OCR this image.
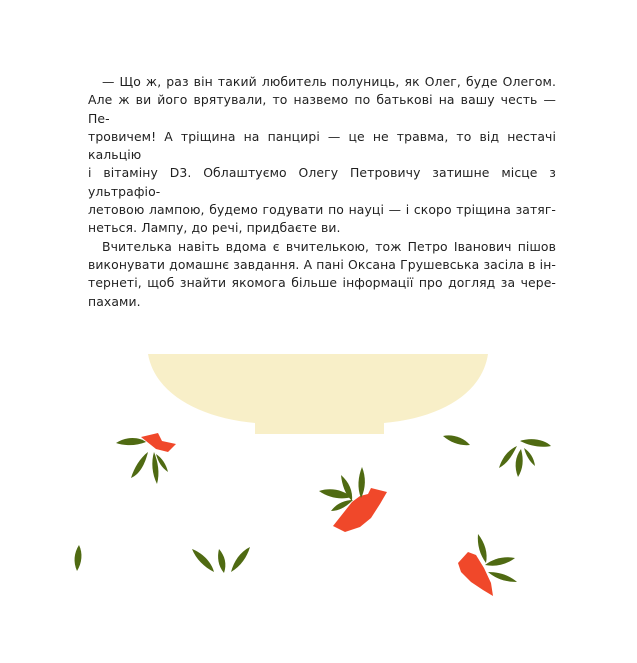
— Що ж, раз він такий любитель полуниць, як Олег, буде Олегом.
Але ж ви його врятували, то назвемо по батькові на вашу честь — Пе-
тровичем! А тріщина на панцирі — це не травма, то від нестачі кальцію
і вітаміну D3. Облаштуємо Олегу Петровичу затишне місце з ультрафіо-
летовою лампою, будемо годувати по науці — і скоро тріщина затяг-
неться. Лампу, до речі, придбаєте ви.
Вчителька навіть вдома є вчителькою, тож Петро Іванович пішов
виконувати домашнє завдання. А пані Оксана Грушевська засіла в ін-
тернеті, щоб знайти якомога більше інформації про догляд за чере-
пахами.
